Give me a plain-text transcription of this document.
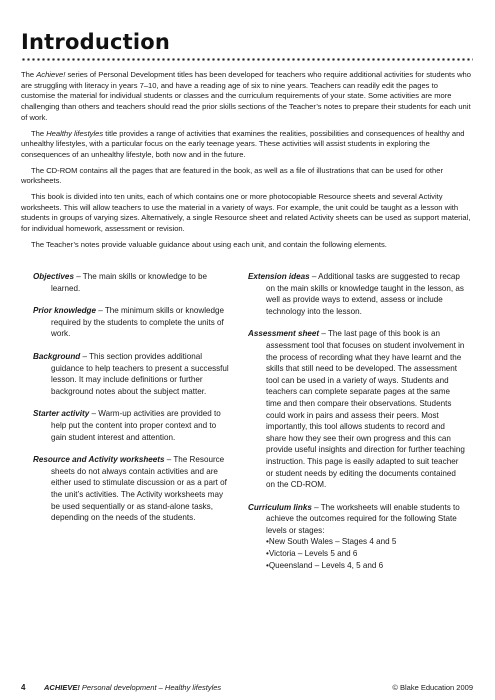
Introduction

The Achieve! series of Personal Development titles has been developed for teachers who require additional activities for students who are struggling with literacy in years 7–10, and have a reading age of six to nine years. Teachers can readily edit the pages to customise the material for individual students or classes and the curriculum requirements of your state. Some activities are more challenging than others and teachers should read the prior skills sections of the Teacher’s notes to prepare their students for each unit of work.

The Healthy lifestyles title provides a range of activities that examines the realities, possibilities and consequences of healthy and unhealthy lifestyles, with a particular focus on the early teenage years. These activities will assist students in exploring the consequences of an unhealthy lifestyle, both now and in the future.

The CD-ROM contains all the pages that are featured in the book, as well as a file of illustrations that can be used for other worksheets.

This book is divided into ten units, each of which contains one or more photocopiable Resource sheets and several Activity worksheets. This will allow teachers to use the material in a variety of ways. For example, the unit could be taught as a lesson with students in groups of varying sizes. Alternatively, a single Resource sheet and related Activity sheets can be used as support material, for individual homework, assessment or revision.

The Teacher’s notes provide valuable guidance about using each unit, and contain the following elements.

Objectives – The main skills or knowledge to be learned.
Prior knowledge – The minimum skills or knowledge required by the students to complete the units of work.
Background – This section provides additional guidance to help teachers to present a successful lesson. It may include definitions or further background notes about the subject matter.
Starter activity – Warm-up activities are provided to help put the content into proper context and to gain student interest and attention.
Resource and Activity worksheets – The Resource sheets do not always contain activities and are either used to stimulate discussion or as a part of the unit’s activities. The Activity worksheets may be used sequentially or as stand-alone tasks, depending on the needs of the students.
Extension ideas – Additional tasks are suggested to recap on the main skills or knowledge taught in the lesson, as well as provide ways to extend, assess or include technology into the lesson.
Assessment sheet – The last page of this book is an assessment tool that focuses on student involvement in the process of recording what they have learnt and the skills that still need to be developed. The assessment tool can be used in a variety of ways. Students and teachers can complete separate pages at the same time and then compare their observations. Students could work in pairs and assess their peers. Most importantly, this tool allows students to record and share how they see their own progress and this can provide useful insights and direction for further teaching instruction. This page is easily adapted to suit teacher or student needs by editing the documents contained on the CD-ROM.
Curriculum links – The worksheets will enable students to achieve the outcomes required for the following State levels or stages:
• New South Wales – Stages 4 and 5
• Victoria – Levels 5 and 6
• Queensland – Levels 4, 5 and 6
4 ACHIEVE! Personal development – Healthy lifestyles	© Blake Education 2009
